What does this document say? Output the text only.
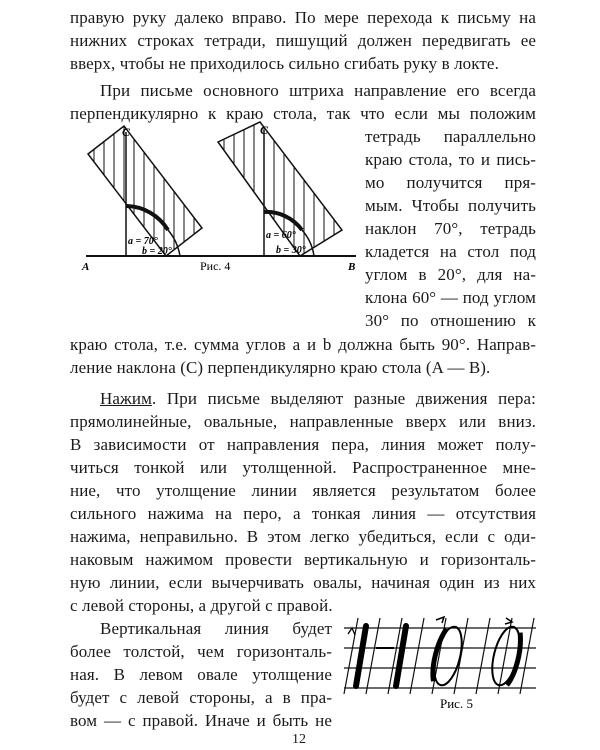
правую руку далеко вправо. По мере перехода к письму на
нижних строках тетради, пишущий должен передвигать ее
вверх, чтобы не приходилось сильно сгибать руку в локте.
При письме основного штриха направление его всегда
перпендикулярно к краю стола, так что если мы положим
тетрадь параллельно
краю стола, то и пись-
мо получится пря-
мым. Чтобы получить
наклон 70°, тетрадь
кладется на стол под
углом в 20°, для на-
клона 60° — под углом
30° по отношению к
краю стола, т.е. сумма углов a и b должна быть 90°. Направ-
ление наклона (C) перпендикулярно краю стола (A — B).
C	C
a = 70°
b = 20°
a = 60°
b = 30°
A	B
Рис. 4
Нажим. При письме выделяют разные движения пера:
прямолинейные, овальные, направленные вверх или вниз.
В зависимости от направления пера, линия может полу-
читься тонкой или утолщенной. Распространенное мне-
ние, что утолщение линии является результатом более
сильного нажима на перо, а тонкая линия — отсутствия
нажима, неправильно. В этом легко убедиться, если с оди-
наковым нажимом провести вертикальную и горизонталь-
ную линии, если вычерчивать овалы, начиная один из них
с левой стороны, а другой с правой.
Вертикальная линия будет
более толстой, чем горизонталь-
ная. В левом овале утолщение
будет с левой стороны, а в пра-
вом — с правой. Иначе и быть не
Рис. 5
12
